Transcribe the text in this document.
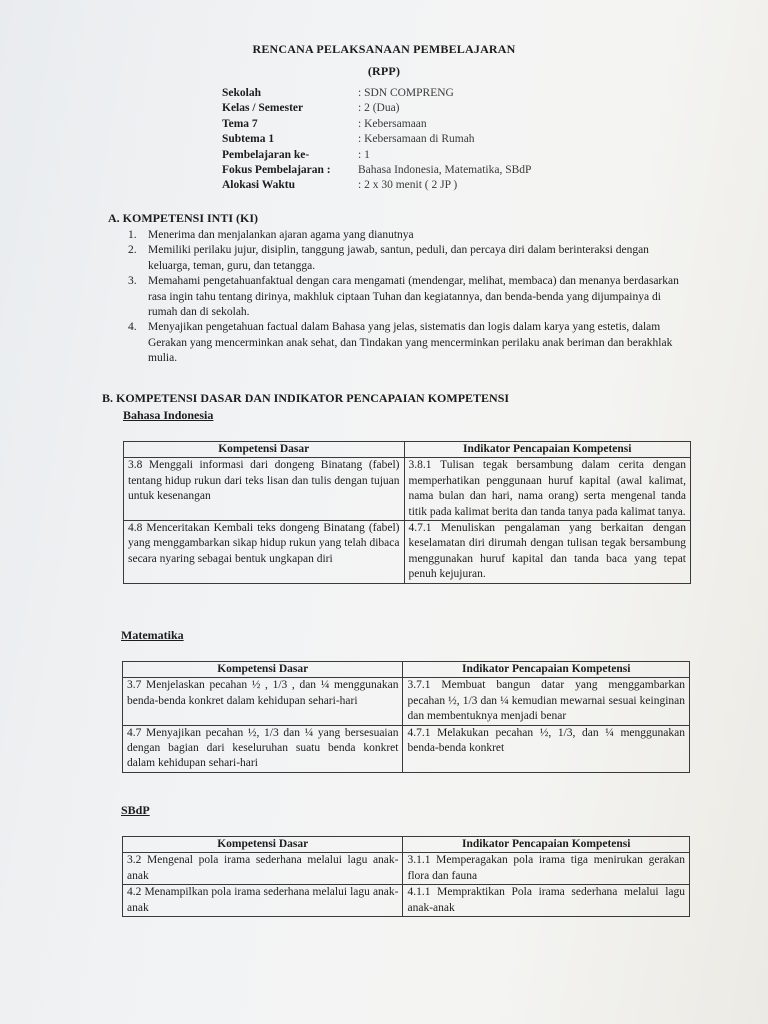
RENCANA PELAKSANAAN PEMBELAJARAN
(RPP)
Sekolah	: SDN COMPRENG
Kelas / Semester	: 2 (Dua)
Tema 7	: Kebersamaan
Subtema 1	: Kebersamaan di Rumah
Pembelajaran ke-	: 1
Fokus Pembelajaran :	Bahasa Indonesia, Matematika, SBdP
Alokasi Waktu	: 2 x 30 menit ( 2 JP )
A. KOMPETENSI INTI (KI)
1. Menerima dan menjalankan ajaran agama yang dianutnya
2. Memiliki perilaku jujur, disiplin, tanggung jawab, santun, peduli, dan percaya diri dalam berinteraksi dengan keluarga, teman, guru, dan tetangga.
3. Memahami pengetahuanfaktual dengan cara mengamati (mendengar, melihat, membaca) dan menanya berdasarkan rasa ingin tahu tentang dirinya, makhluk ciptaan Tuhan dan kegiatannya, dan benda-benda yang dijumpainya di rumah dan di sekolah.
4. Menyajikan pengetahuan factual dalam Bahasa yang jelas, sistematis dan logis dalam karya yang estetis, dalam Gerakan yang mencerminkan anak sehat, dan Tindakan yang mencerminkan perilaku anak beriman dan berakhlak mulia.
B. KOMPETENSI DASAR DAN INDIKATOR PENCAPAIAN KOMPETENSI
Bahasa Indonesia
Kompetensi Dasar	Indikator Pencapaian Kompetensi
3.8 Menggali informasi dari dongeng Binatang (fabel) tentang hidup rukun dari teks lisan dan tulis dengan tujuan untuk kesenangan	3.8.1 Tulisan tegak bersambung dalam cerita dengan memperhatikan penggunaan huruf kapital (awal kalimat, nama bulan dan hari, nama orang) serta mengenal tanda titik pada kalimat berita dan tanda tanya pada kalimat tanya.
4.8 Menceritakan Kembali teks dongeng Binatang (fabel) yang menggambarkan sikap hidup rukun yang telah dibaca secara nyaring sebagai bentuk ungkapan diri	4.7.1 Menuliskan pengalaman yang berkaitan dengan keselamatan diri dirumah dengan tulisan tegak bersambung menggunakan huruf kapital dan tanda baca yang tepat penuh kejujuran.
Matematika
Kompetensi Dasar	Indikator Pencapaian Kompetensi
3.7 Menjelaskan pecahan ½ , 1/3 , dan ¼ menggunakan benda-benda konkret dalam kehidupan sehari-hari	3.7.1 Membuat bangun datar yang menggambarkan pecahan ½, 1/3 dan ¼ kemudian mewarnai sesuai keinginan dan membentuknya menjadi benar
4.7 Menyajikan pecahan ½, 1/3 dan ¼ yang bersesuaian dengan bagian dari keseluruhan suatu benda konkret dalam kehidupan sehari-hari	4.7.1 Melakukan pecahan ½, 1/3, dan ¼ menggunakan benda-benda konkret
SBdP
Kompetensi Dasar	Indikator Pencapaian Kompetensi
3.2 Mengenal pola irama sederhana melalui lagu anak-anak	3.1.1 Memperagakan pola irama tiga menirukan gerakan flora dan fauna
4.2 Menampilkan pola irama sederhana melalui lagu anak-anak	4.1.1 Mempraktikan Pola irama sederhana melalui lagu anak-anak
